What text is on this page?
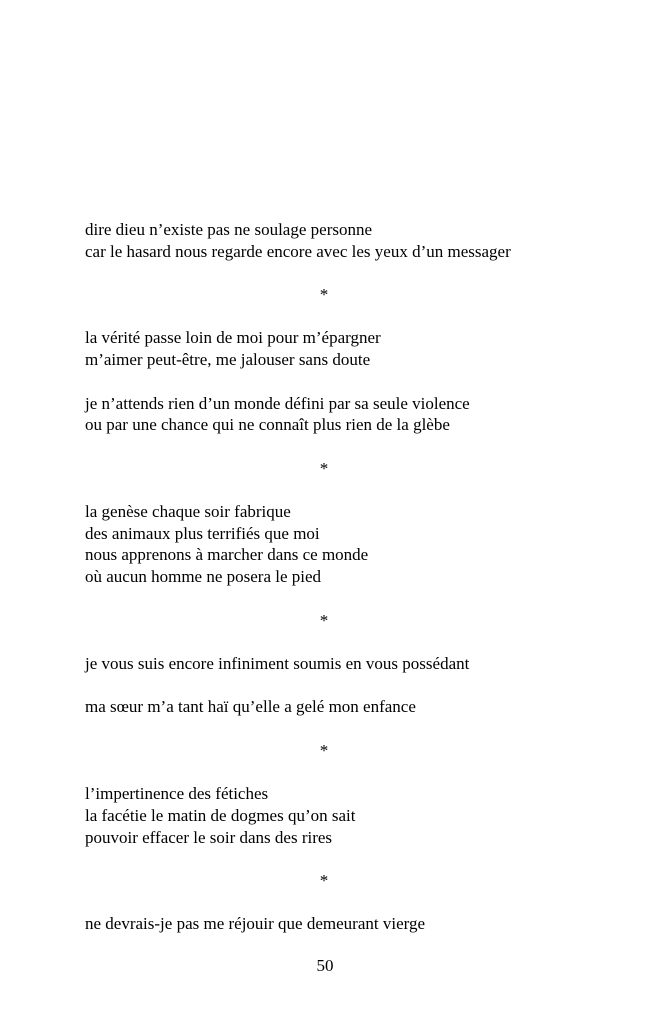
dire dieu n’existe pas ne soulage personne
car le hasard nous regarde encore avec les yeux d’un messager
*
la vérité passe loin de moi pour m’épargner
m’aimer peut-être, me jalouser sans doute
je n’attends rien d’un monde défini par sa seule violence
ou par une chance qui ne connaît plus rien de la glèbe
*
la genèse chaque soir fabrique
des animaux plus terrifiés que moi
nous apprenons à marcher dans ce monde
où aucun homme ne posera le pied
*
je vous suis encore infiniment soumis en vous possédant
ma sœur m’a tant haï qu’elle a gelé mon enfance
*
l’impertinence des fétiches
la facétie le matin de dogmes qu’on sait
pouvoir effacer le soir dans des rires
*
ne devrais-je pas me réjouir que demeurant vierge
50
